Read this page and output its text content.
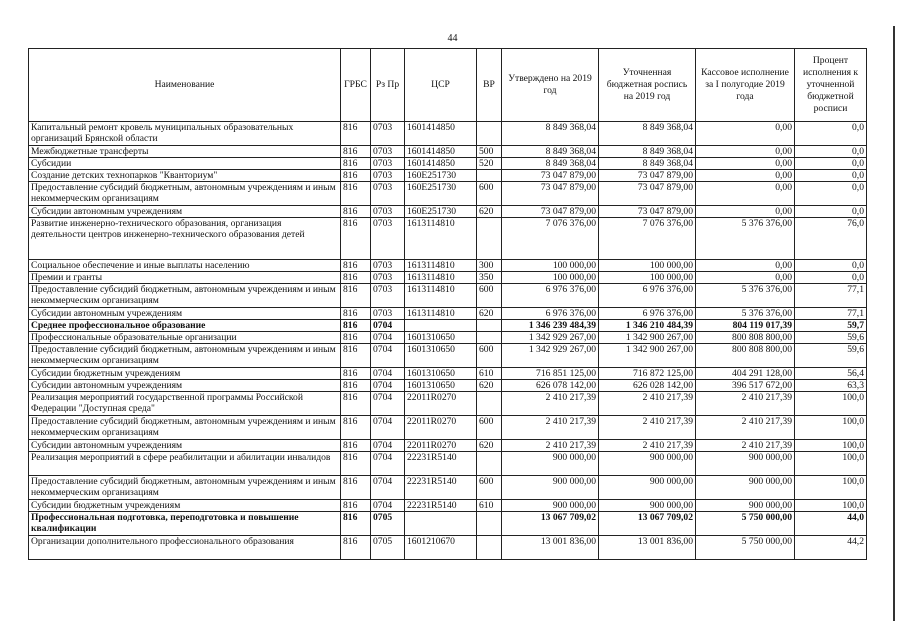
44
Наименование	ГРБС	Рз Пр	ЦСР	ВР	Утверждено на 2019 год	Уточненная бюджетная роспись на 2019 год	Кассовое исполнение за I полугодие 2019 года	Процент исполнения к уточненной бюджетной росписи
Капитальный ремонт кровель муниципальных образовательных организаций Брянской области	816	0703	1601414850		8 849 368,04	8 849 368,04	0,00	0,0
Межбюджетные трансферты	816	0703	1601414850	500	8 849 368,04	8 849 368,04	0,00	0,0
Субсидии	816	0703	1601414850	520	8 849 368,04	8 849 368,04	0,00	0,0
Создание детских технопарков "Кванториум"	816	0703	160E251730		73 047 879,00	73 047 879,00	0,00	0,0
Предоставление субсидий бюджетным, автономным учреждениям и иным некоммерческим организациям	816	0703	160E251730	600	73 047 879,00	73 047 879,00	0,00	0,0
Субсидии автономным учреждениям	816	0703	160E251730	620	73 047 879,00	73 047 879,00	0,00	0,0
Развитие инженерно-технического образования, организация деятельности центров инженерно-технического образования детей	816	0703	1613114810		7 076 376,00	7 076 376,00	5 376 376,00	76,0
Социальное обеспечение и иные выплаты населению	816	0703	1613114810	300	100 000,00	100 000,00	0,00	0,0
Премии и гранты	816	0703	1613114810	350	100 000,00	100 000,00	0,00	0,0
Предоставление субсидий бюджетным, автономным учреждениям и иным некоммерческим организациям	816	0703	1613114810	600	6 976 376,00	6 976 376,00	5 376 376,00	77,1
Субсидии автономным учреждениям	816	0703	1613114810	620	6 976 376,00	6 976 376,00	5 376 376,00	77,1
Среднее профессиональное образование	816	0704			1 346 239 484,39	1 346 210 484,39	804 119 017,39	59,7
Профессиональные образовательные организации	816	0704	1601310650		1 342 929 267,00	1 342 900 267,00	800 808 800,00	59,6
Предоставление субсидий бюджетным, автономным учреждениям и иным некоммерческим организациям	816	0704	1601310650	600	1 342 929 267,00	1 342 900 267,00	800 808 800,00	59,6
Субсидии бюджетным учреждениям	816	0704	1601310650	610	716 851 125,00	716 872 125,00	404 291 128,00	56,4
Субсидии автономным учреждениям	816	0704	1601310650	620	626 078 142,00	626 028 142,00	396 517 672,00	63,3
Реализация мероприятий государственной программы Российской Федерации "Доступная среда"	816	0704	22011R0270		2 410 217,39	2 410 217,39	2 410 217,39	100,0
Предоставление субсидий бюджетным, автономным учреждениям и иным некоммерческим организациям	816	0704	22011R0270	600	2 410 217,39	2 410 217,39	2 410 217,39	100,0
Субсидии автономным учреждениям	816	0704	22011R0270	620	2 410 217,39	2 410 217,39	2 410 217,39	100,0
Реализация мероприятий в сфере реабилитации и абилитации инвалидов	816	0704	22231R5140		900 000,00	900 000,00	900 000,00	100,0
Предоставление субсидий бюджетным, автономным учреждениям и иным некоммерческим организациям	816	0704	22231R5140	600	900 000,00	900 000,00	900 000,00	100,0
Субсидии бюджетным учреждениям	816	0704	22231R5140	610	900 000,00	900 000,00	900 000,00	100,0
Профессиональная подготовка, переподготовка и повышение квалификации	816	0705			13 067 709,02	13 067 709,02	5 750 000,00	44,0
Организации дополнительного профессионального образования	816	0705	1601210670		13 001 836,00	13 001 836,00	5 750 000,00	44,2
